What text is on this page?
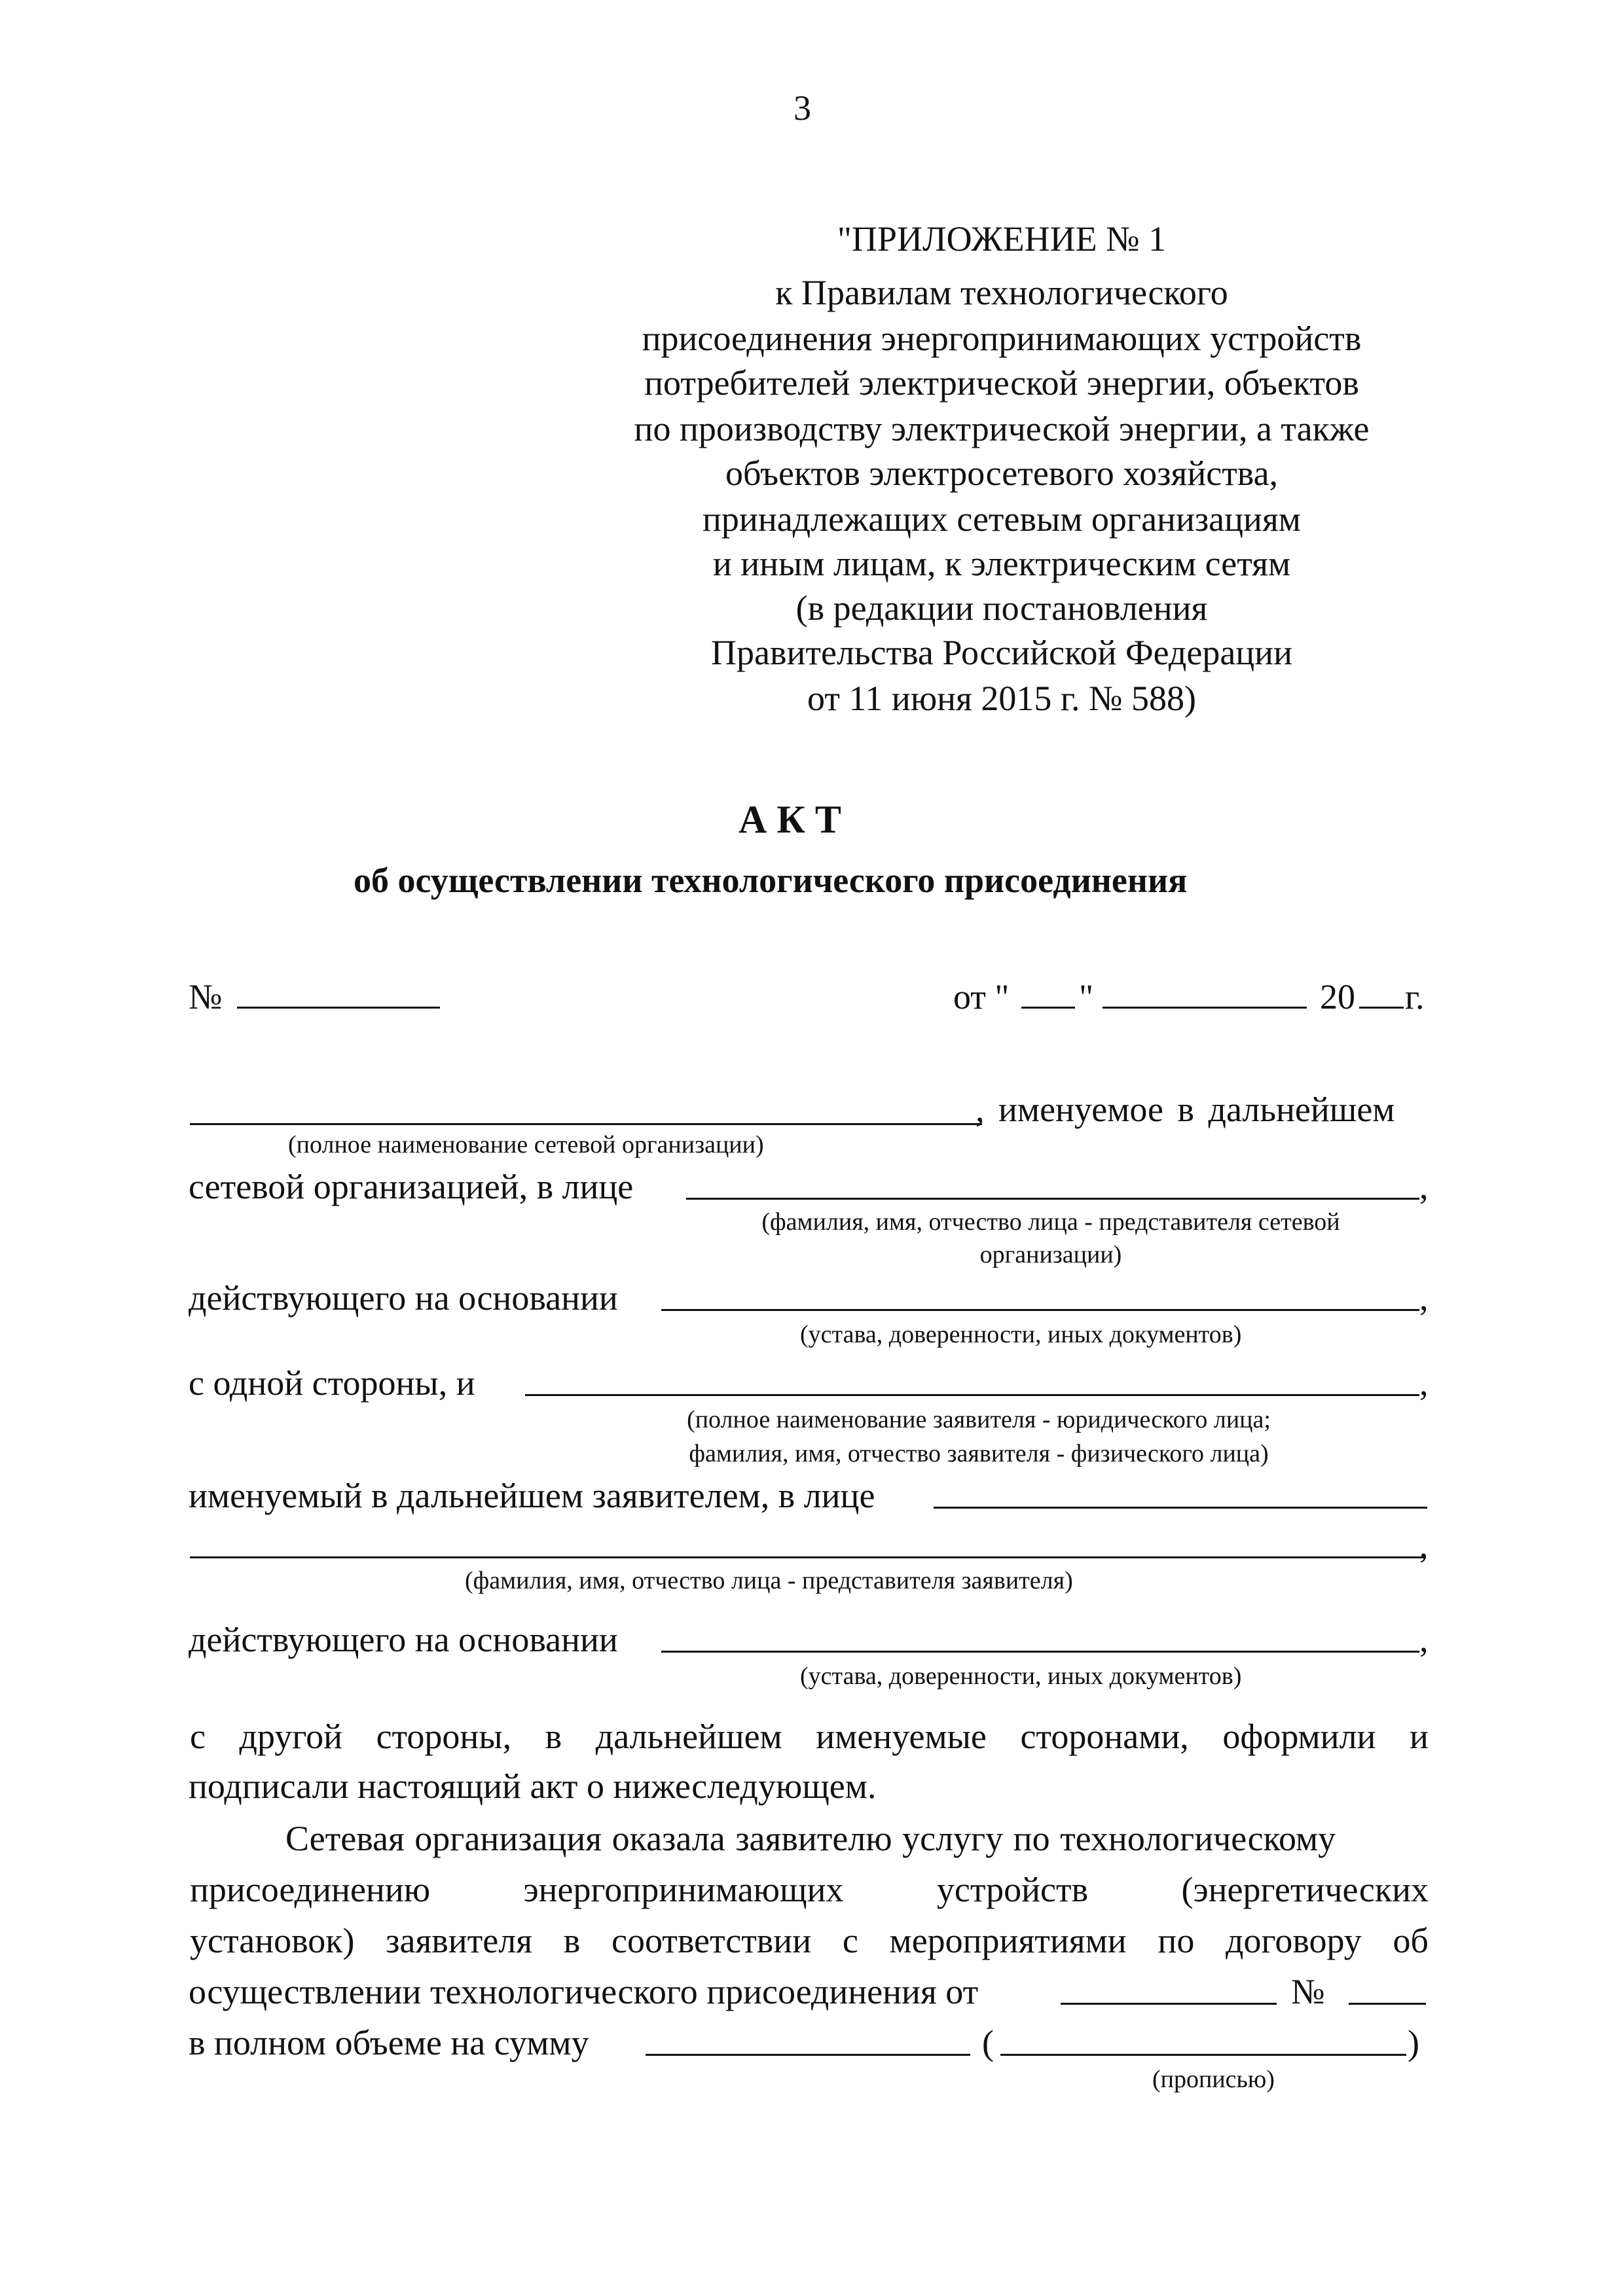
3
"ПРИЛОЖЕНИЕ № 1
к Правилам технологического
присоединения энергопринимающих устройств
потребителей электрической энергии, объектов
по производству электрической энергии, а также
объектов электросетевого хозяйства,
принадлежащих сетевым организациям
и иным лицам, к электрическим сетям
(в редакции постановления
Правительства Российской Федерации
от 11 июня 2015 г. № 588)
А К Т
об осуществлении технологического присоединения
№	от " "	20 г.
, именуемое в дальнейшем
(полное наименование сетевой организации)
сетевой организацией, в лице	,
(фамилия, имя, отчество лица - представителя сетевой
организации)
действующего на основании	,
(устава, доверенности, иных документов)
с одной стороны, и	,
(полное наименование заявителя - юридического лица;
фамилия, имя, отчество заявителя - физического лица)
именуемый в дальнейшем заявителем, в лице
,
(фамилия, имя, отчество лица - представителя заявителя)
действующего на основании	,
(устава, доверенности, иных документов)
с другой стороны, в дальнейшем именуемые сторонами, оформили и
подписали настоящий акт о нижеследующем.
Сетевая организация оказала заявителю услугу по технологическому
присоединению	энергопринимающих	устройств	(энергетических
установок) заявителя в соответствии с мероприятиями по договору об
осуществлении технологического присоединения от	№
в полном объеме на сумму	(	)
(прописью)
